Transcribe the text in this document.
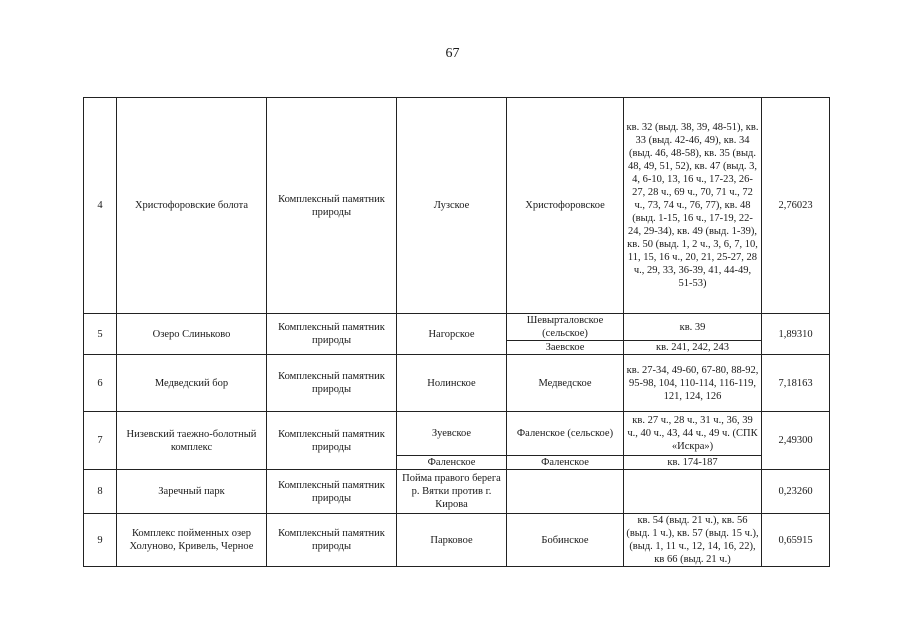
67
4	Христофоровские болота	Комплексный памятник природы	Лузское	Христофоровское	кв. 32 (выд. 38, 39, 48-51), кв. 33 (выд. 42-46, 49), кв. 34 (выд. 46, 48-58), кв. 35 (выд. 48, 49, 51, 52), кв. 47 (выд. 3, 4, 6-10, 13, 16 ч., 17-23, 26-27, 28 ч., 69 ч., 70, 71 ч., 72 ч., 73, 74 ч., 76, 77), кв. 48 (выд. 1-15, 16 ч., 17-19, 22-24, 29-34), кв. 49 (выд. 1-39), кв. 50 (выд. 1, 2 ч., 3, 6, 7, 10, 11, 15, 16 ч., 20, 21, 25-27, 28 ч., 29, 33, 36-39, 41, 44-49, 51-53)	2,76023
5	Озеро Слиньково	Комплексный памятник природы	Нагорское	Шевырталовское (сельское)	кв. 39	1,89310
				Заевское	кв. 241, 242, 243	
6	Медведский бор	Комплексный памятник природы	Нолинское	Медведское	кв. 27-34, 49-60, 67-80, 88-92, 95-98, 104, 110-114, 116-119, 121, 124, 126	7,18163
7	Низевский таежно-болотный комплекс	Комплексный памятник природы	Зуевское	Фаленское (сельское)	кв. 27 ч., 28 ч., 31 ч., 36, 39 ч., 40 ч., 43, 44 ч., 49 ч. (СПК «Искра»)	2,49300
			Фаленское	Фаленское	кв. 174-187	
8	Заречный парк	Комплексный памятник природы	Пойма правого берега р. Вятки против г. Кирова			0,23260
9	Комплекс пойменных озер Холуново, Кривель, Черное	Комплексный памятник природы	Парковое	Бобинское	кв. 54 (выд. 21 ч.), кв. 56 (выд. 1 ч.), кв. 57 (выд. 15 ч.), (выд. 1, 11 ч., 12, 14, 16, 22), кв 66 (выд. 21 ч.)	0,65915
